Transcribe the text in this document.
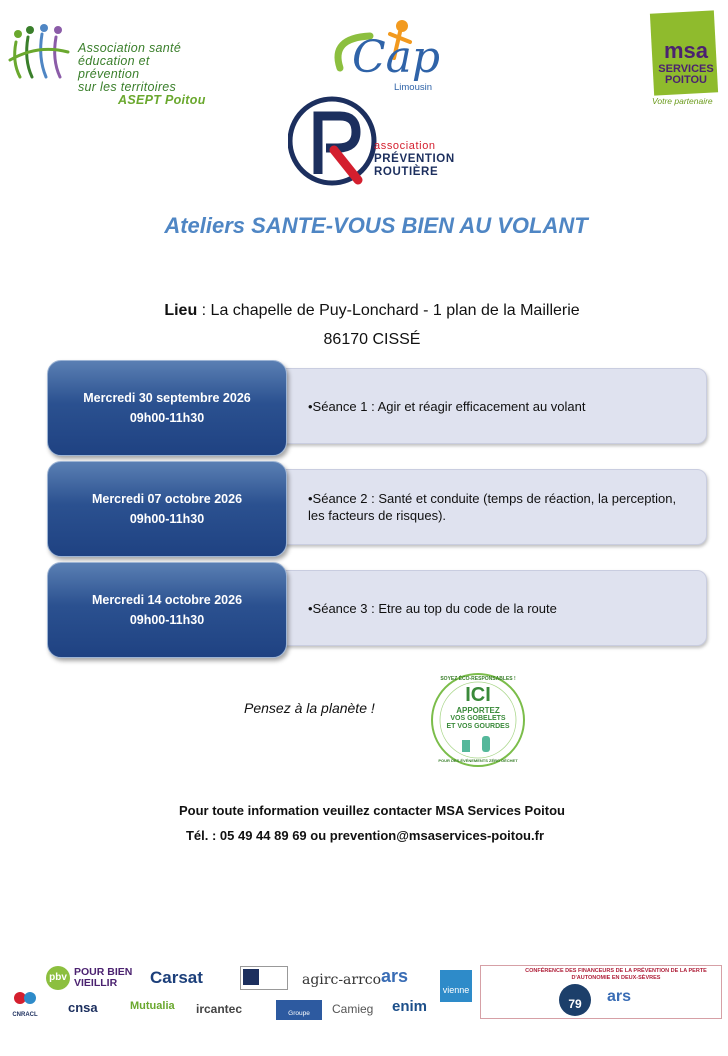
Association santé
éducation et prévention
sur les territoires
ASEPT Poitou
Cap
Limousin
msa
SERVICES
POITOU
Votre partenaire
association
PRÉVENTION
ROUTIÈRE
Ateliers SANTE-VOUS BIEN AU VOLANT
Lieu : La chapelle de Puy-Lonchard - 1 plan de la Maillerie
86170 CISSÉ
Mercredi 30 septembre 2026
09h00-11h30
•Séance 1 : Agir et réagir efficacement au volant
Mercredi 07 octobre 2026
09h00-11h30
•Séance 2 : Santé et conduite (temps de réaction, la perception, les facteurs de risques).
Mercredi 14 octobre 2026
09h00-11h30
•Séance 3 : Etre au top du code de la route
Pensez à la planète !
SOYEZ ÉCO-RESPONSABLES !
ICI
APPORTEZ
VOS GOBELETS
ET VOS GOURDES
POUR DES ÉVÉNEMENTS ZÉRO DÉCHET
Pour toute information veuillez contacter MSA Services Poitou
Tél. : 05 49 44 89 69 ou prevention@msaservices-poitou.fr
pbv POUR BIEN VIEILLIR	Carsat	agirc-arrco ars
vienne
CONFÉRENCE DES FINANCEURS DE LA PRÉVENTION DE LA PERTE D'AUTONOMIE EN DEUX-SÈVRES
79	ars
CNRACL cnsa	Mutualia ircantec	Groupe AGRICA
Camieg enim
